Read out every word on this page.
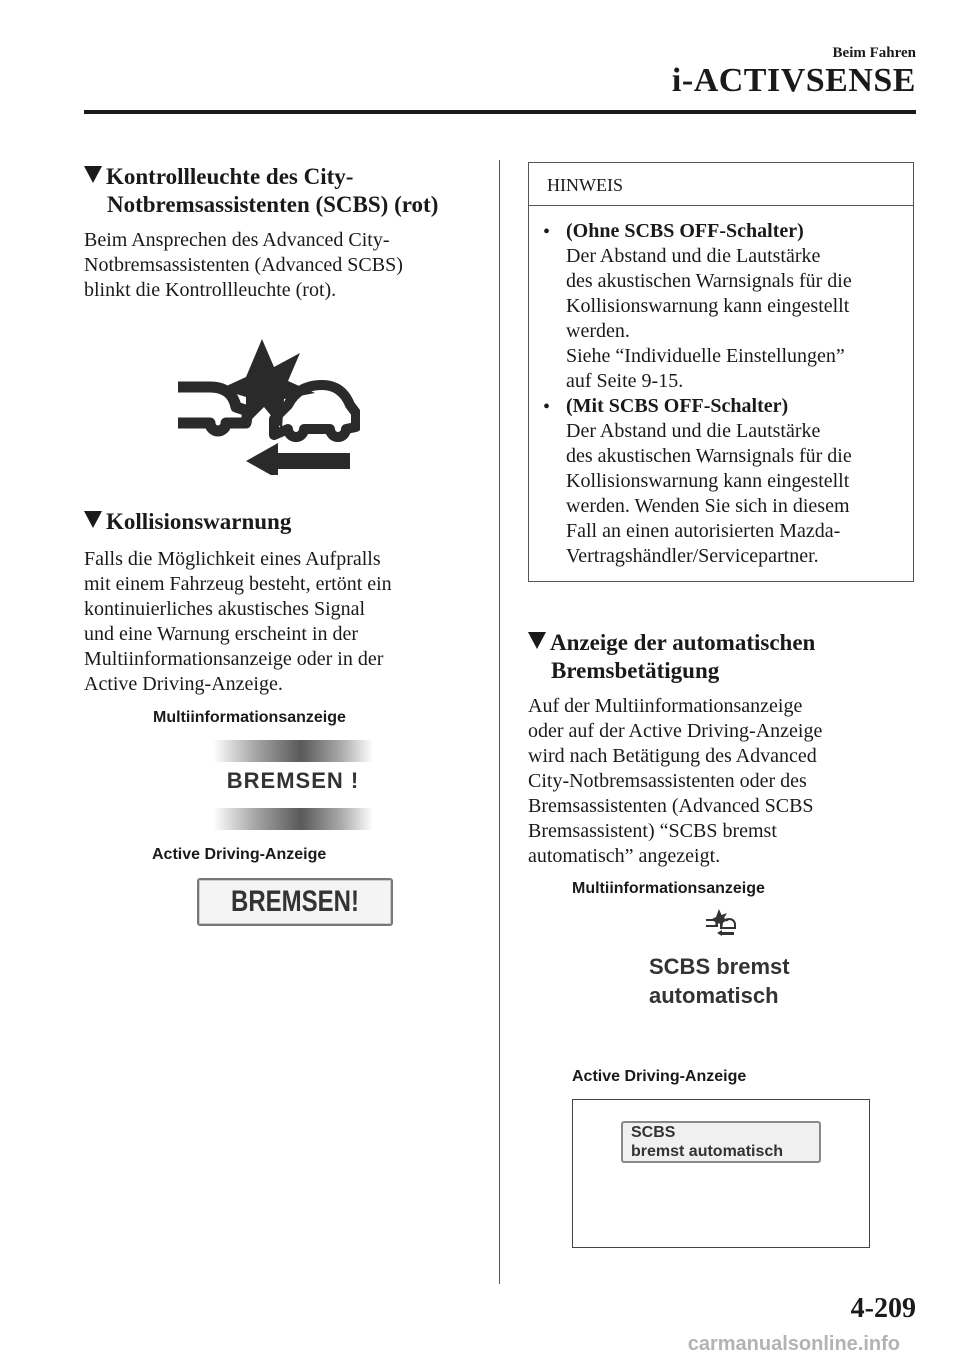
Beim Fahren
i-ACTIVSENSE
Kontrollleuchte des City-
Notbremsassistenten (SCBS) (rot)
Beim Ansprechen des Advanced City-
Notbremsassistenten (Advanced SCBS)
blinkt die Kontrollleuchte (rot).
Kollisionswarnung
Falls die Möglichkeit eines Aufpralls
mit einem Fahrzeug besteht, ertönt ein
kontinuierliches akustisches Signal
und eine Warnung erscheint in der
Multiinformationsanzeige oder in der
Active Driving-Anzeige.
Multiinformationsanzeige
BREMSEN !
Active Driving-Anzeige
BREMSEN!
HINWEIS
• (Ohne SCBS OFF-Schalter)
Der Abstand und die Lautstärke
des akustischen Warnsignals für die
Kollisionswarnung kann eingestellt
werden.
Siehe “Individuelle Einstellungen”
auf Seite 9-15.
• (Mit SCBS OFF-Schalter)
Der Abstand und die Lautstärke
des akustischen Warnsignals für die
Kollisionswarnung kann eingestellt
werden. Wenden Sie sich in diesem
Fall an einen autorisierten Mazda-
Vertragshändler/Servicepartner.
Anzeige der automatischen
Bremsbetätigung
Auf der Multiinformationsanzeige
oder auf der Active Driving-Anzeige
wird nach Betätigung des Advanced
City-Notbremsassistenten oder des
Bremsassistenten (Advanced SCBS
Bremsassistent) “SCBS bremst
automatisch” angezeigt.
Multiinformationsanzeige
SCBS bremst
automatisch
Active Driving-Anzeige
SCBS
bremst automatisch
4-209
carmanualsonline.info
